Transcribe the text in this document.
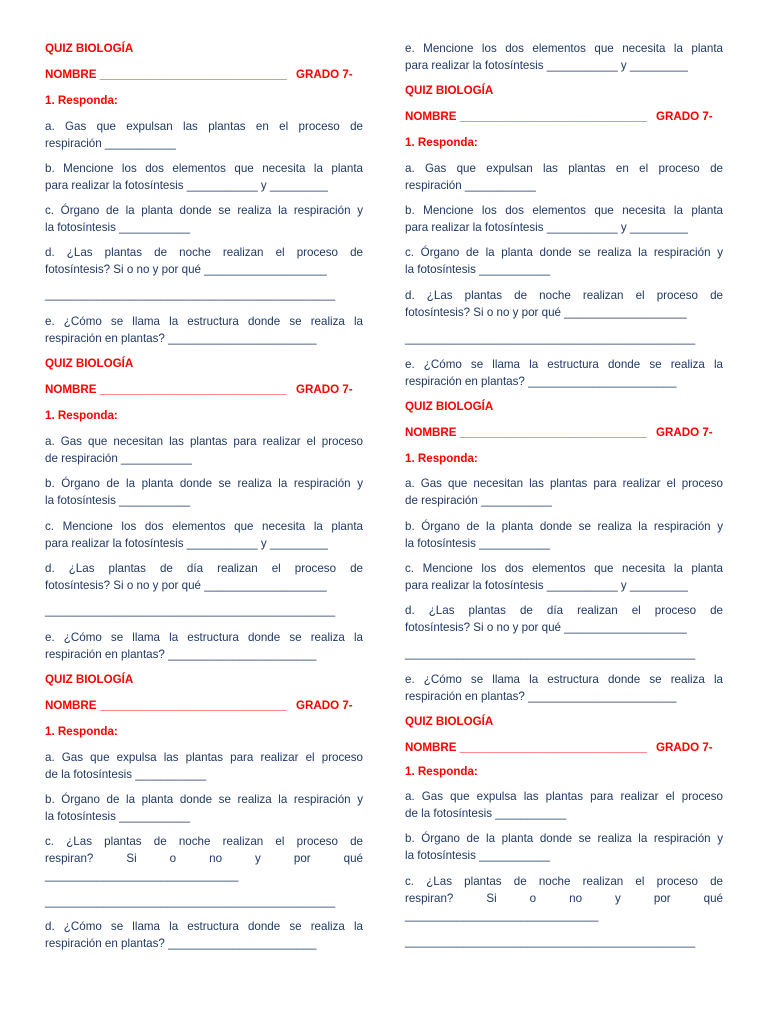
QUIZ BIOLOGÍA
NOMBRE _____________________________ GRADO 7-
1. Responda:
a. Gas que expulsan las plantas en el proceso de
respiración ___________
b. Mencione los dos elementos que necesita la planta
para realizar la fotosíntesis ___________ y _________
c. Órgano de la planta donde se realiza la respiración y
la fotosíntesis ___________
d. ¿Las plantas de noche realizan el proceso de
fotosíntesis? Si o no y por qué ___________________
_____________________________________________
e. ¿Cómo se llama la estructura donde se realiza la
respiración en plantas? _______________________
QUIZ BIOLOGÍA
NOMBRE _____________________________ GRADO 7-
1. Responda:
a. Gas que necesitan las plantas para realizar el proceso
de respiración ___________
b. Órgano de la planta donde se realiza la respiración y
la fotosíntesis ___________
c. Mencione los dos elementos que necesita la planta
para realizar la fotosíntesis ___________ y _________
d. ¿Las plantas de día realizan el proceso de
fotosíntesis? Si o no y por qué ___________________
_____________________________________________
e. ¿Cómo se llama la estructura donde se realiza la
respiración en plantas? _______________________
QUIZ BIOLOGÍA
NOMBRE _____________________________ GRADO 7-
1. Responda:
a. Gas que expulsa las plantas para realizar el proceso
de la fotosíntesis ___________
b. Órgano de la planta donde se realiza la respiración y
la fotosíntesis ___________
c. ¿Las plantas de noche realizan el proceso de
respiran? Si o no y por qué
______________________________
_____________________________________________
d. ¿Cómo se llama la estructura donde se realiza la
respiración en plantas? _______________________
e. Mencione los dos elementos que necesita la planta
para realizar la fotosíntesis ___________ y _________
QUIZ BIOLOGÍA
NOMBRE _____________________________ GRADO 7-
1. Responda:
a. Gas que expulsan las plantas en el proceso de
respiración ___________
b. Mencione los dos elementos que necesita la planta
para realizar la fotosíntesis ___________ y _________
c. Órgano de la planta donde se realiza la respiración y
la fotosíntesis ___________
d. ¿Las plantas de noche realizan el proceso de
fotosíntesis? Si o no y por qué ___________________
_____________________________________________
e. ¿Cómo se llama la estructura donde se realiza la
respiración en plantas? _______________________
QUIZ BIOLOGÍA
NOMBRE _____________________________ GRADO 7-
1. Responda:
a. Gas que necesitan las plantas para realizar el proceso
de respiración ___________
b. Órgano de la planta donde se realiza la respiración y
la fotosíntesis ___________
c. Mencione los dos elementos que necesita la planta
para realizar la fotosíntesis ___________ y _________
d. ¿Las plantas de día realizan el proceso de
fotosíntesis? Si o no y por qué ___________________
_____________________________________________
e. ¿Cómo se llama la estructura donde se realiza la
respiración en plantas? _______________________
QUIZ BIOLOGÍA
NOMBRE _____________________________ GRADO 7-
1. Responda:
a. Gas que expulsa las plantas para realizar el proceso
de la fotosíntesis ___________
b. Órgano de la planta donde se realiza la respiración y
la fotosíntesis ___________
c. ¿Las plantas de noche realizan el proceso de
respiran? Si o no y por qué
______________________________
_____________________________________________
